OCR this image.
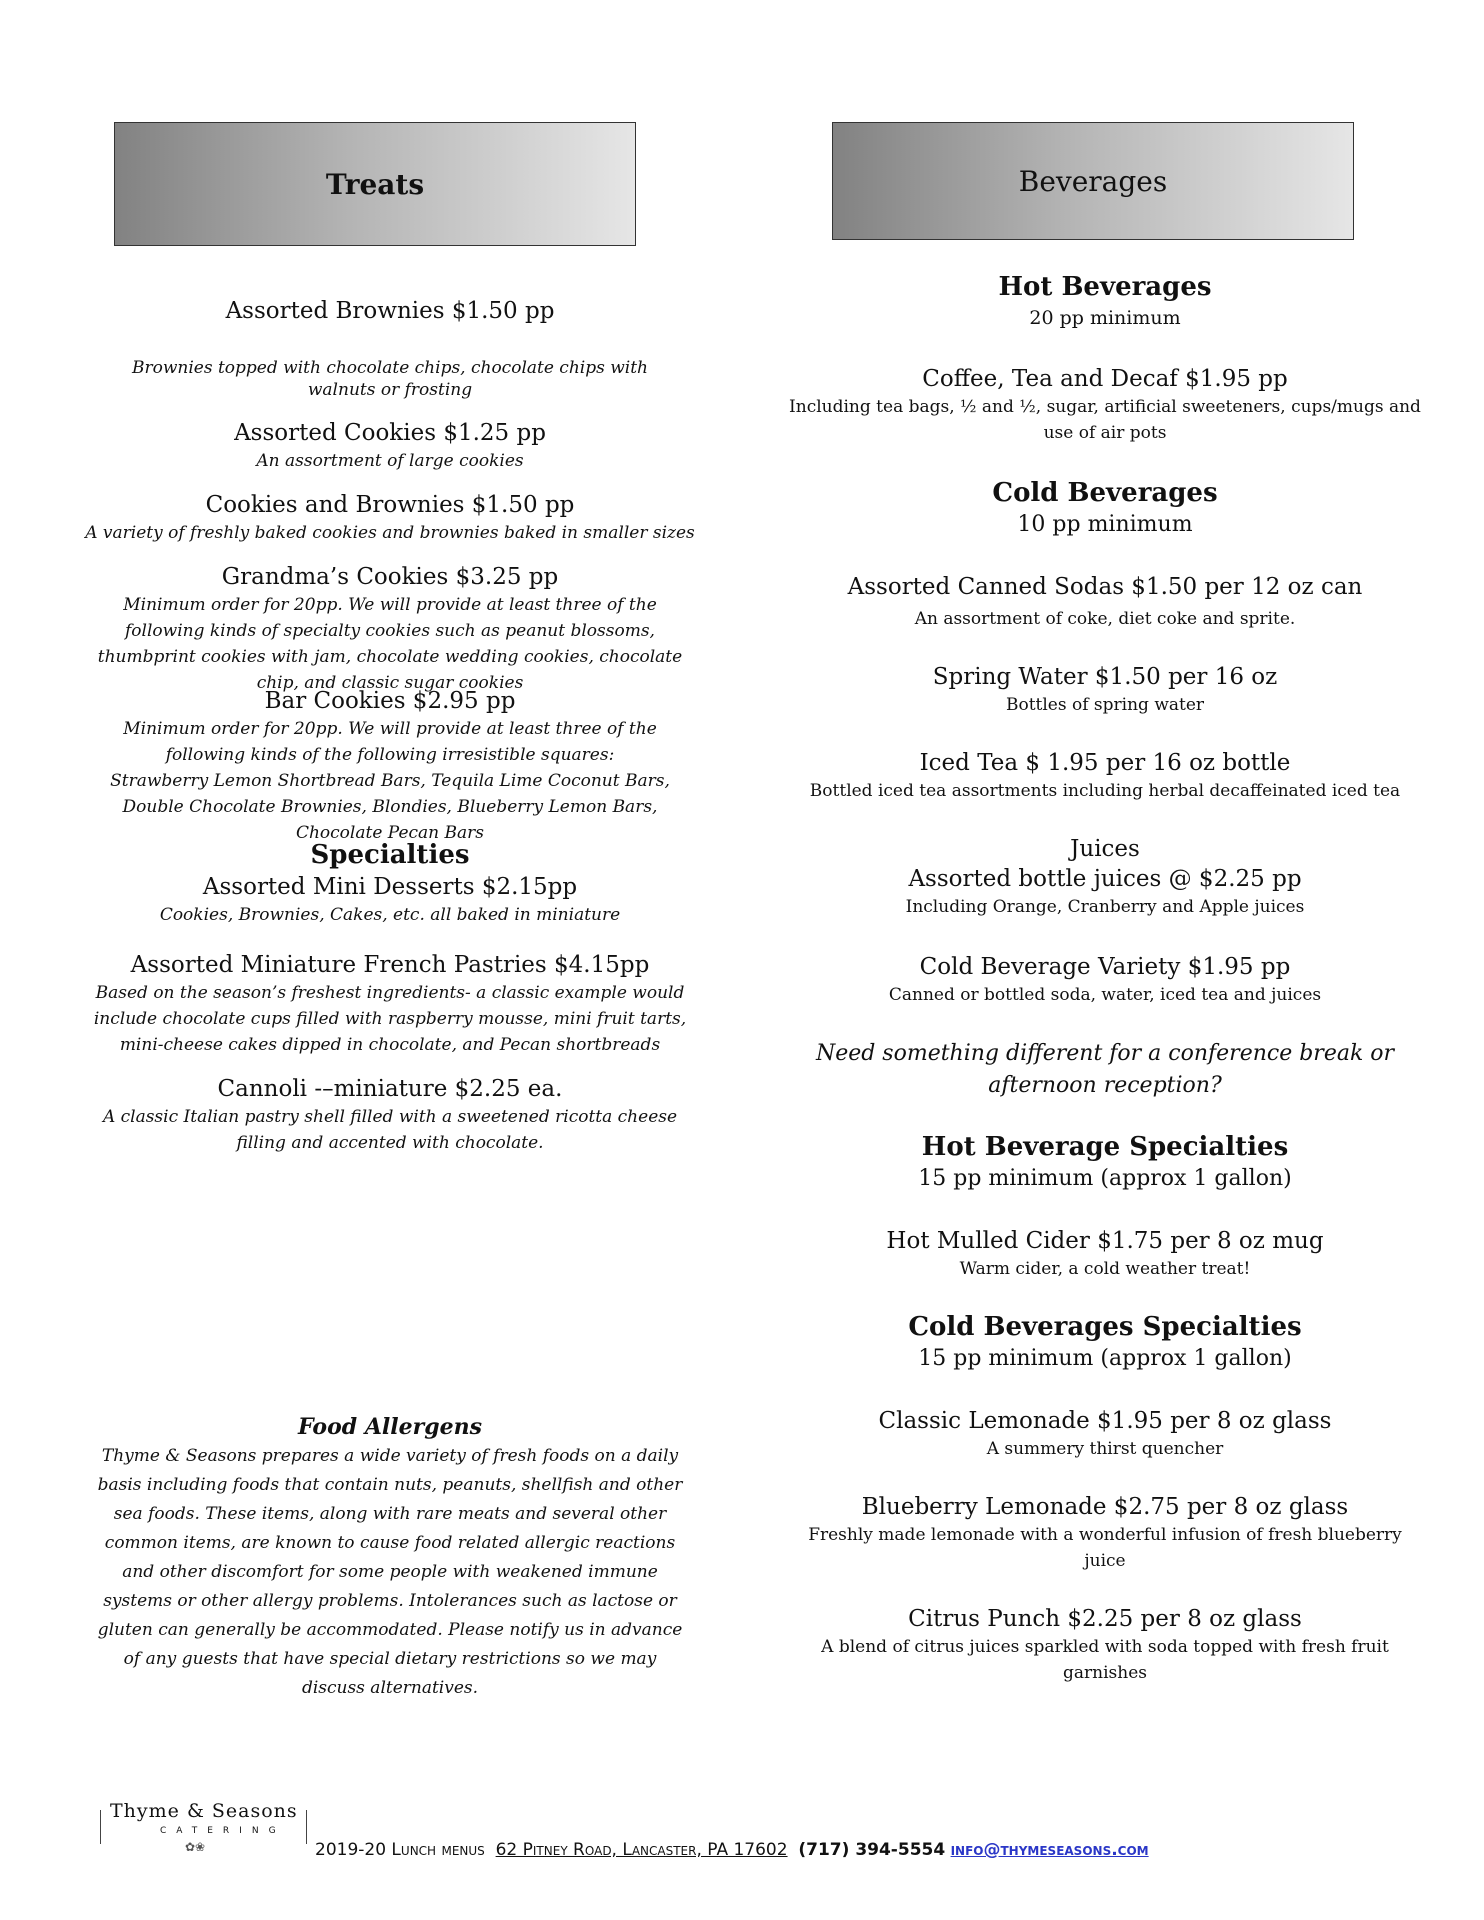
Treats	Beverages

Assorted Brownies $1.50 pp

Brownies topped with chocolate chips, chocolate chips with walnuts or frosting

Assorted Cookies $1.25 pp

An assortment of large cookies

Cookies and Brownies $1.50 pp

A variety of freshly baked cookies and brownies baked in smaller sizes

Grandma’s Cookies $3.25 pp

Minimum order for 20pp. We will provide at least three of the following kinds of specialty cookies such as peanut blossoms, thumbprint cookies with jam, chocolate wedding cookies, chocolate chip, and classic sugar cookies

Bar Cookies $2.95 pp

Minimum order for 20pp. We will provide at least three of the following kinds of the following irresistible squares:

Strawberry Lemon Shortbread Bars, Tequila Lime Coconut Bars, Double Chocolate Brownies, Blondies, Blueberry Lemon Bars, Chocolate Pecan Bars

Specialties

Assorted Mini Desserts $2.15pp

Cookies, Brownies, Cakes, etc. all baked in miniature

Assorted Miniature French Pastries $4.15pp

Based on the season’s freshest ingredients- a classic example would include chocolate cups filled with raspberry mousse, mini fruit tarts, mini-cheese cakes dipped in chocolate, and Pecan shortbreads

Cannoli -–miniature $2.25 ea.

A classic Italian pastry shell filled with a sweetened ricotta cheese filling and accented with chocolate.

Food Allergens

Thyme & Seasons prepares a wide variety of fresh foods on a daily basis including foods that contain nuts, peanuts, shellfish and other sea foods. These items, along with rare meats and several other common items, are known to cause food related allergic reactions and other discomfort for some people with weakened immune systems or other allergy problems. Intolerances such as lactose or gluten can generally be accommodated. Please notify us in advance of any guests that have special dietary restrictions so we may discuss alternatives.

Hot Beverages

20 pp minimum

Coffee, Tea and Decaf $1.95 pp

Including tea bags, ½ and ½, sugar, artificial sweeteners, cups/mugs and use of air pots

Cold Beverages

10 pp minimum

Assorted Canned Sodas $1.50 per 12 oz can

An assortment of coke, diet coke and sprite.

Spring Water $1.50 per 16 oz

Bottles of spring water

Iced Tea $ 1.95 per 16 oz bottle

Bottled iced tea assortments including herbal decaffeinated iced tea

Juices

Assorted bottle juices @ $2.25 pp

Including Orange, Cranberry and Apple juices

Cold Beverage Variety $1.95 pp

Canned or bottled soda, water, iced tea and juices

Need something different for a conference break or afternoon reception?

Hot Beverage Specialties

15 pp minimum (approx 1 gallon)

Hot Mulled Cider $1.75 per 8 oz mug

Warm cider, a cold weather treat!

Cold Beverages Specialties

15 pp minimum (approx 1 gallon)

Classic Lemonade $1.95 per 8 oz glass

A summery thirst quencher

Blueberry Lemonade $2.75 per 8 oz glass

Freshly made lemonade with a wonderful infusion of fresh blueberry juice

Citrus Punch $2.25 per 8 oz glass

A blend of citrus juices sparkled with soda topped with fresh fruit garnishes

Thyme & Seasons
CATERING
✿❀	2019-20 Lunch menus 62 Pitney Road, Lancaster, PA 17602 (717) 394-5554 info@thymeseasons.com
